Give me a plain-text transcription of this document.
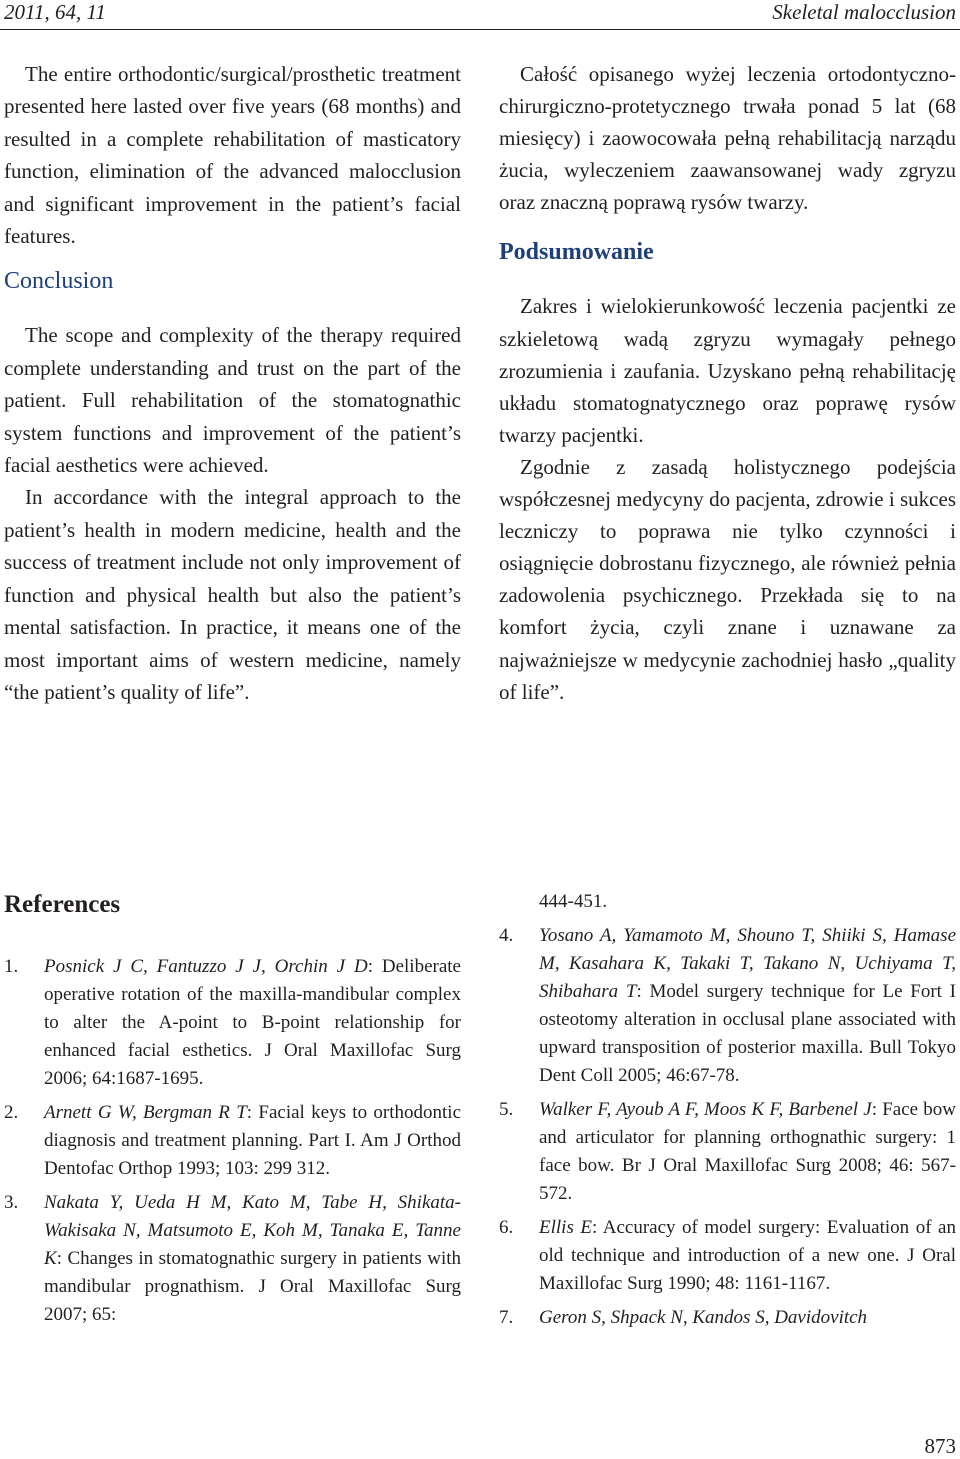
2011, 64, 11	Skeletal malocclusion

The entire orthodontic/surgical/prosthetic treatment presented here lasted over five years (68 months) and resulted in a complete rehabilitation of masticatory function, elimination of the advanced malocclusion and significant improvement in the patient’s facial features.

Conclusion

The scope and complexity of the therapy required complete understanding and trust on the part of the patient. Full rehabilitation of the stomatognathic system functions and improvement of the patient’s facial aesthetics were achieved.

In accordance with the integral approach to the patient’s health in modern medicine, health and the success of treatment include not only improvement of function and physical health but also the patient’s mental satisfaction. In practice, it means one of the most important aims of western medicine, namely “the patient’s quality of life”.

Całość opisanego wyżej leczenia ortodontyczno-chirurgiczno-protetycznego trwała ponad 5 lat (68 miesięcy) i zaowocowała pełną rehabilitacją narządu żucia, wyleczeniem zaawansowanej wady zgryzu oraz znaczną poprawą rysów twarzy.

Podsumowanie

Zakres i wielokierunkowość leczenia pacjentki ze szkieletową wadą zgryzu wymagały pełnego zrozumienia i zaufania. Uzyskano pełną rehabilitację układu stomatognatycznego oraz poprawę rysów twarzy pacjentki.

Zgodnie z zasadą holistycznego podejścia współczesnej medycyny do pacjenta, zdrowie i sukces leczniczy to poprawa nie tylko czynności i osiągnięcie dobrostanu fizycznego, ale również pełnia zadowolenia psychicznego. Przekłada się to na komfort życia, czyli znane i uznawane za najważniejsze w medycynie zachodniej hasło „quality of life”.

References
1.	Posnick J C, Fantuzzo J J, Orchin J D: Deliberate operative rotation of the maxilla-mandibular complex to alter the A-point to B-point relationship for enhanced facial esthetics. J Oral Maxillofac Surg 2006; 64:1687-1695.
2.	Arnett G W, Bergman R T: Facial keys to orthodontic diagnosis and treatment planning. Part I. Am J Orthod Dentofac Orthop 1993; 103: 299 312.
3.	Nakata Y, Ueda H M, Kato M, Tabe H, Shikata-Wakisaka N, Matsumoto E, Koh M, Tanaka E, Tanne K: Changes in stomatognathic surgery in patients with mandibular prognathism. J Oral Maxillofac Surg 2007; 65:
444-451.
4.	Yosano A, Yamamoto M, Shouno T, Shiiki S, Hamase M, Kasahara K, Takaki T, Takano N, Uchiyama T, Shibahara T: Model surgery technique for Le Fort I osteotomy alteration in occlusal plane associated with upward transposition of posterior maxilla. Bull Tokyo Dent Coll 2005; 46:67-78.
5.	Walker F, Ayoub A F, Moos K F, Barbenel J: Face bow and articulator for planning orthognathic surgery: 1 face bow. Br J Oral Maxillofac Surg 2008; 46: 567-572.
6.	Ellis E: Accuracy of model surgery: Evaluation of an old technique and introduction of a new one. J Oral Maxillofac Surg 1990; 48: 1161-1167.
7.	Geron S, Shpack N, Kandos S, Davidovitch
873
